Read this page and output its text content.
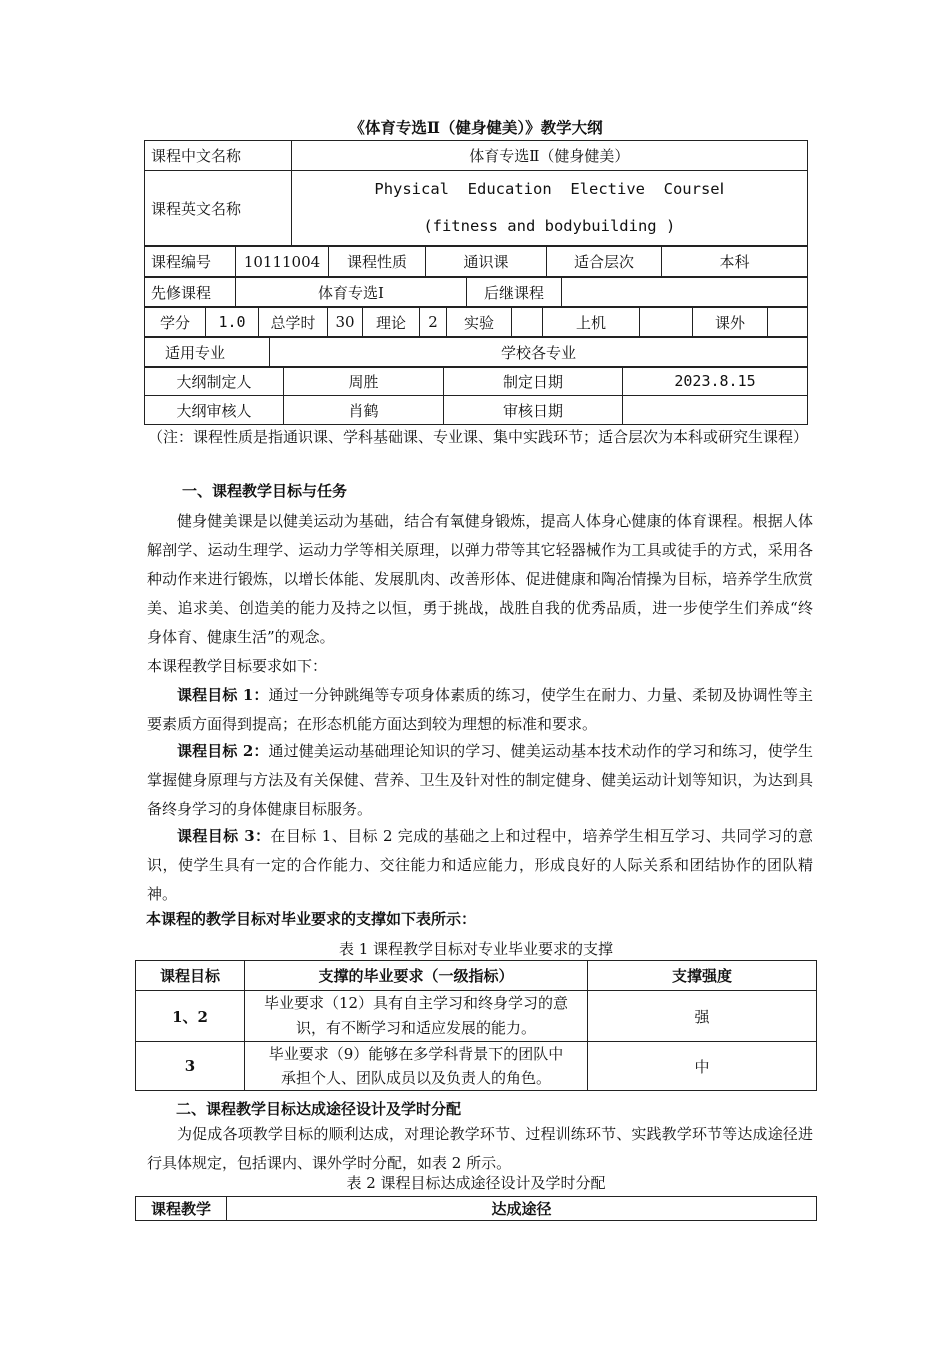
《体育专选Ⅱ（健身健美）》教学大纲
课程中文名称	体育专选Ⅱ（健身健美）
课程英文名称	Physical  Education  Elective  CourseⅠ
(fitness and bodybuilding )
课程编号	10111004	课程性质	通识课	适合层次	本科
先修课程	体育专选Ⅰ	后继课程	
学分	1.0	总学时	30	理论	2	实验		上机		课外	
适用专业	学校各专业
大纲制定人	周胜	制定日期	2023.8.15
大纲审核人	肖鹤	审核日期	
（注：课程性质是指通识课、学科基础课、专业课、集中实践环节；适合层次为本科或研究生课程）
一、课程教学目标与任务
健身健美课是以健美运动为基础，结合有氧健身锻炼，提高人体身心健康的体育课程。根据人体解剖学、运动生理学、运动力学等相关原理，以弹力带等其它轻器械作为工具或徒手的方式，采用各种动作来进行锻炼，以增长体能、发展肌肉、改善形体、促进健康和陶冶情操为目标，培养学生欣赏美、追求美、创造美的能力及持之以恒，勇于挑战，战胜自我的优秀品质，进一步使学生们养成“终身体育、健康生活”的观念。
本课程教学目标要求如下：
课程目标 1：通过一分钟跳绳等专项身体素质的练习，使学生在耐力、力量、柔韧及协调性等主要素质方面得到提高；在形态机能方面达到较为理想的标准和要求。
课程目标 2：通过健美运动基础理论知识的学习、健美运动基本技术动作的学习和练习，使学生掌握健身原理与方法及有关保健、营养、卫生及针对性的制定健身、健美运动计划等知识，为达到具备终身学习的身体健康目标服务。
课程目标 3：在目标 1、目标 2 完成的基础之上和过程中，培养学生相互学习、共同学习的意识，使学生具有一定的合作能力、交往能力和适应能力，形成良好的人际关系和团结协作的团队精神。
本课程的教学目标对毕业要求的支撑如下表所示：
表 1 课程教学目标对专业毕业要求的支撑
课程目标	支撑的毕业要求（一级指标）	支撑强度
1、2	毕业要求（12）具有自主学习和终身学习的意
识，有不断学习和适应发展的能力。	强
3	毕业要求（9）能够在多学科背景下的团队中
承担个人、团队成员以及负责人的角色。	中
二、课程教学目标达成途径设计及学时分配
为促成各项教学目标的顺利达成，对理论教学环节、过程训练环节、实践教学环节等达成途径进行具体规定，包括课内、课外学时分配，如表 2 所示。
表 2 课程目标达成途径设计及学时分配
课程教学	达成途径
